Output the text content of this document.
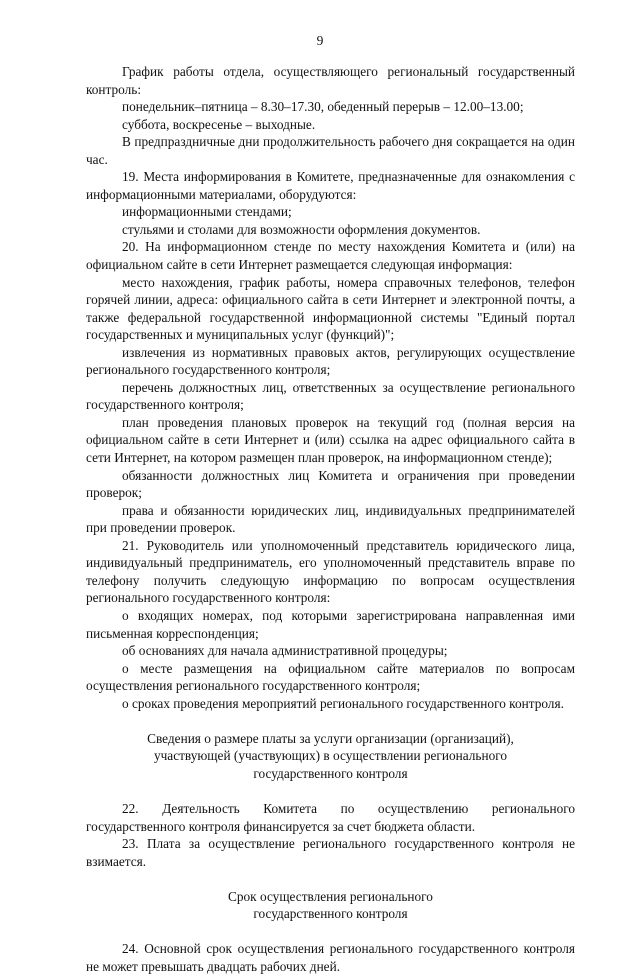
9

График работы отдела, осуществляющего региональный государственный контроль:

понедельник–пятница – 8.30–17.30, обеденный перерыв – 12.00–13.00;

суббота, воскресенье – выходные.

В предпраздничные дни продолжительность рабочего дня сокращается на один час.

19. Места информирования в Комитете, предназначенные для ознакомления с информационными материалами, оборудуются:

информационными стендами;

стульями и столами для возможности оформления документов.

20. На информационном стенде по месту нахождения Комитета и (или) на официальном сайте в сети Интернет размещается следующая информация:

место нахождения, график работы, номера справочных телефонов, телефон горячей линии, адреса: официального сайта в сети Интернет и электронной почты, а также федеральной государственной информационной системы "Единый портал государственных и муниципальных услуг (функций)";

извлечения из нормативных правовых актов, регулирующих осуществление регионального государственного контроля;

перечень должностных лиц, ответственных за осуществление регионального государственного контроля;

план проведения плановых проверок на текущий год (полная версия на официальном сайте в сети Интернет и (или) ссылка на адрес официального сайта в сети Интернет, на котором размещен план проверок, на информационном стенде);

обязанности должностных лиц Комитета и ограничения при проведении проверок;

права и обязанности юридических лиц, индивидуальных предпринимателей при проведении проверок.

21. Руководитель или уполномоченный представитель юридического лица, индивидуальный предприниматель, его уполномоченный представитель вправе по телефону получить следующую информацию по вопросам осуществления регионального государственного контроля:

о входящих номерах, под которыми зарегистрирована направленная ими письменная корреспонденция;

об основаниях для начала административной процедуры;

о месте размещения на официальном сайте материалов по вопросам осуществления регионального государственного контроля;

о сроках проведения мероприятий регионального государственного контроля.

Сведения о размере платы за услуги организации (организаций),

участвующей (участвующих) в осуществлении регионального

государственного контроля

22. Деятельность Комитета по осуществлению регионального государственного контроля финансируется за счет бюджета области.

23. Плата за осуществление регионального государственного контроля не взимается.

Срок осуществления регионального

государственного контроля

24. Основной срок осуществления регионального государственного контроля не может превышать двадцать рабочих дней.
